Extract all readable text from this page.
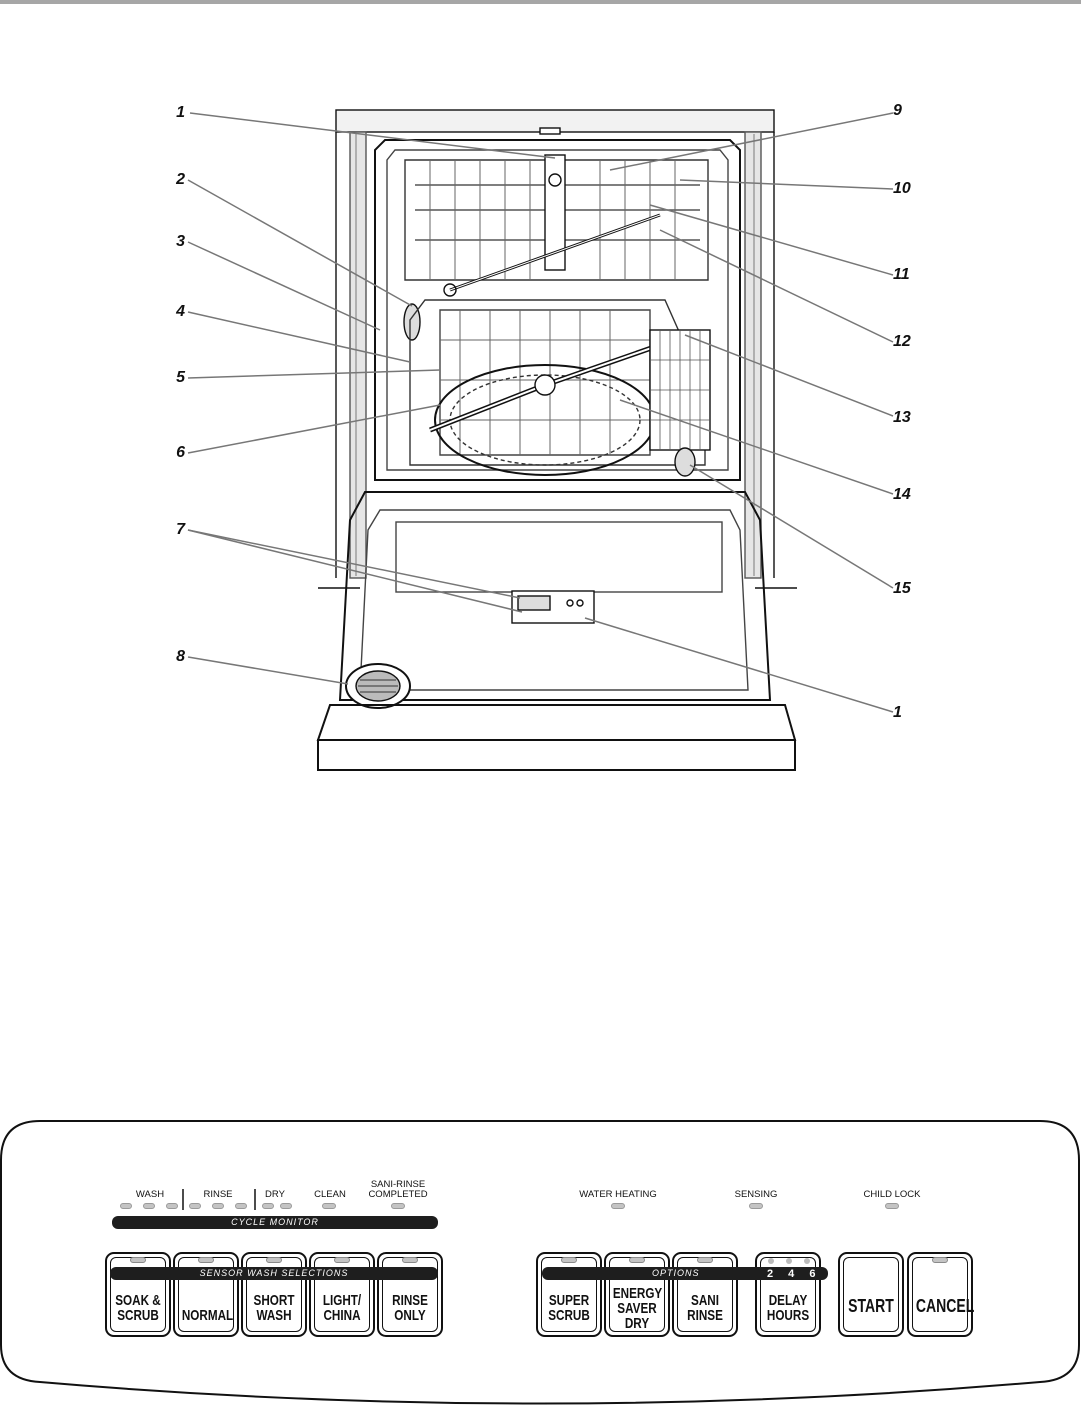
1
2
3
4
5
6
7
8
9
10
11
12
13
14
15
1
WASH	RINSE	DRY	CLEAN
SANI-RINSE
COMPLETED
CYCLE MONITOR
WATER HEATING	SENSING	CHILD LOCK
SOAK &
SCRUB NORMAL
SHORT
WASH
LIGHT/
CHINA
RINSE
ONLY
SENSOR WASH SELECTIONS
SUPER
SCRUB
ENERGY
SAVER
DRY
SANI
RINSE
DELAY
HOURS
OPTIONS	2 4 6
START CANCEL
